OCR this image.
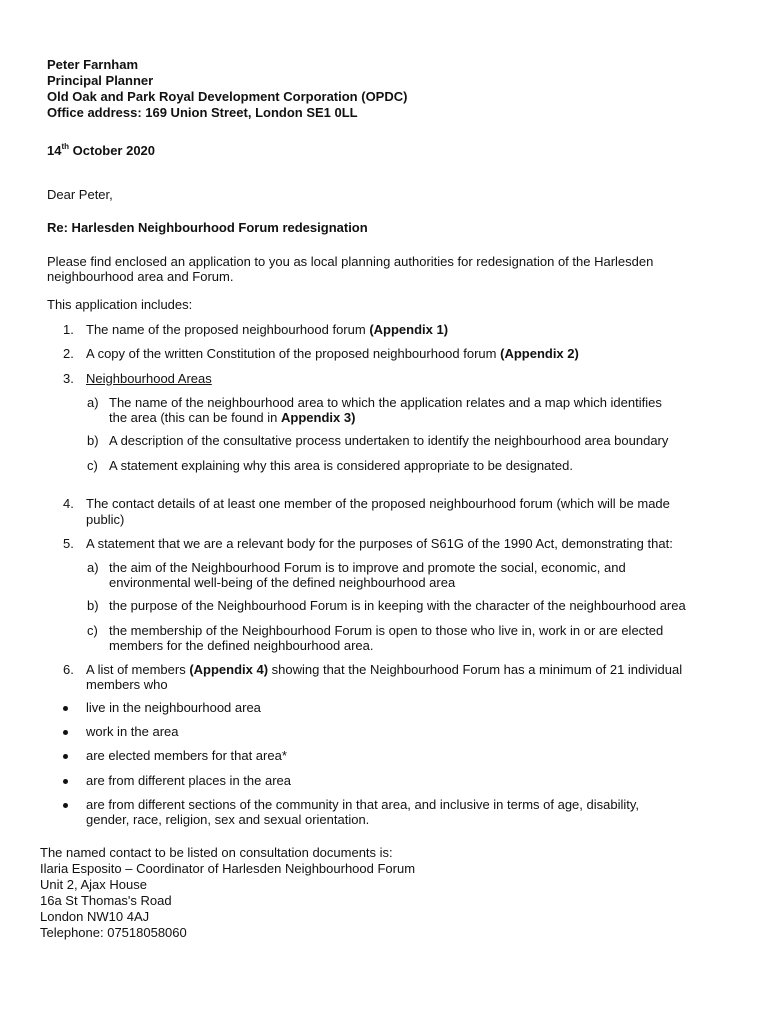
Peter Farnham
Principal Planner
Old Oak and Park Royal Development Corporation (OPDC)
Office address: 169 Union Street, London SE1 0LL
14th October 2020
Dear Peter,
Re: Harlesden Neighbourhood Forum redesignation
Please find enclosed an application to you as local planning authorities for redesignation of the Harlesden
neighbourhood area and Forum.
This application includes:
1. The name of the proposed neighbourhood forum (Appendix 1)
2. A copy of the written Constitution of the proposed neighbourhood forum (Appendix 2)
3. Neighbourhood Areas
a) The name of the neighbourhood area to which the application relates and a map which identifies
the area (this can be found in Appendix 3)
b) A description of the consultative process undertaken to identify the neighbourhood area boundary
c) A statement explaining why this area is considered appropriate to be designated.
4. The contact details of at least one member of the proposed neighbourhood forum (which will be made
public)
5. A statement that we are a relevant body for the purposes of S61G of the 1990 Act, demonstrating that:
a) the aim of the Neighbourhood Forum is to improve and promote the social, economic, and
environmental well-being of the defined neighbourhood area
b) the purpose of the Neighbourhood Forum is in keeping with the character of the neighbourhood area
c) the membership of the Neighbourhood Forum is open to those who live in, work in or are elected
members for the defined neighbourhood area.
6. A list of members (Appendix 4) showing that the Neighbourhood Forum has a minimum of 21 individual
members who
live in the neighbourhood area
work in the area
are elected members for that area*
are from different places in the area
are from different sections of the community in that area, and inclusive in terms of age, disability,
gender, race, religion, sex and sexual orientation.
The named contact to be listed on consultation documents is:
Ilaria Esposito – Coordinator of Harlesden Neighbourhood Forum
Unit 2, Ajax House
16a St Thomas's Road
London NW10 4AJ
Telephone: 07518058060
